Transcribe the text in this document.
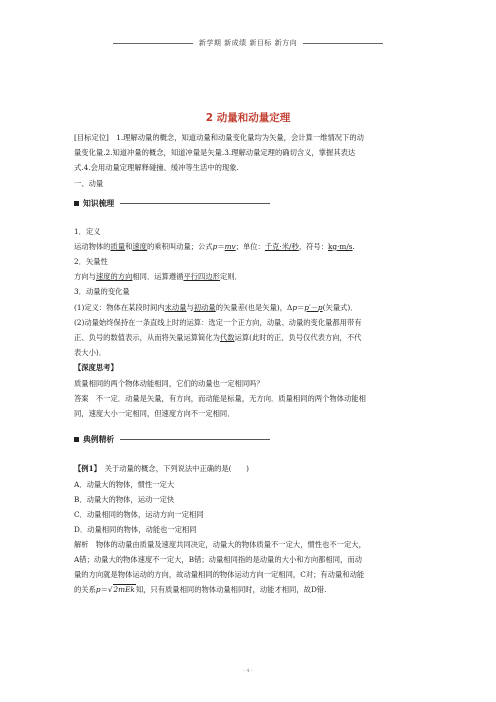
新学期 新成绩 新目标 新方向
2 动量和动量定理
[目标定位]　1.理解动量的概念，知道动量和动量变化量均为矢量，会计算一维情况下的动
量变化量.2.知道冲量的概念，知道冲量是矢量.3.理解动量定理的确切含义，掌握其表达
式.4.会用动量定理解释碰撞、缓冲等生活中的现象.
一、动量
知识梳理
1．定义
运动物体的质量和速度的乘积叫动量；公式p＝mv；单位：千克·米/秒，符号：kg·m/s.
2．矢量性
方向与速度的方向相同．运算遵循平行四边形定则．
3．动量的变化量
(1)定义：物体在某段时间内末动量与初动量的矢量差(也是矢量)，Δp＝p′－p(矢量式)．
(2)动量始终保持在一条直线上时的运算：选定一个正方向，动量、动量的变化量都用带有
正、负号的数值表示，从而将矢量运算简化为代数运算(此时的正、负号仅代表方向，不代
表大小)．
【深度思考】
质量相同的两个物体动能相同，它们的动量也一定相同吗？
答案　不一定．动量是矢量，有方向，而动能是标量，无方向．质量相同的两个物体动能相
同，速度大小一定相同，但速度方向不一定相同．
典例精析
【例1】　关于动量的概念，下列说法中正确的是(　　)
A．动量大的物体，惯性一定大
B．动量大的物体，运动一定快
C．动量相同的物体，运动方向一定相同
D．动量相同的物体，动能也一定相同
解析　物体的动量由质量及速度共同决定，动量大的物体质量不一定大，惯性也不一定大，
A错；动量大的物体速度不一定大，B错；动量相同指的是动量的大小和方向都相同，而动
量的方向就是物体运动的方向，故动量相同的物体运动方向一定相同，C对；有动量和动能
的关系p＝√2mEk知，只有质量相同的物体动量相同时，动能才相同，故D错.
- 4 -
